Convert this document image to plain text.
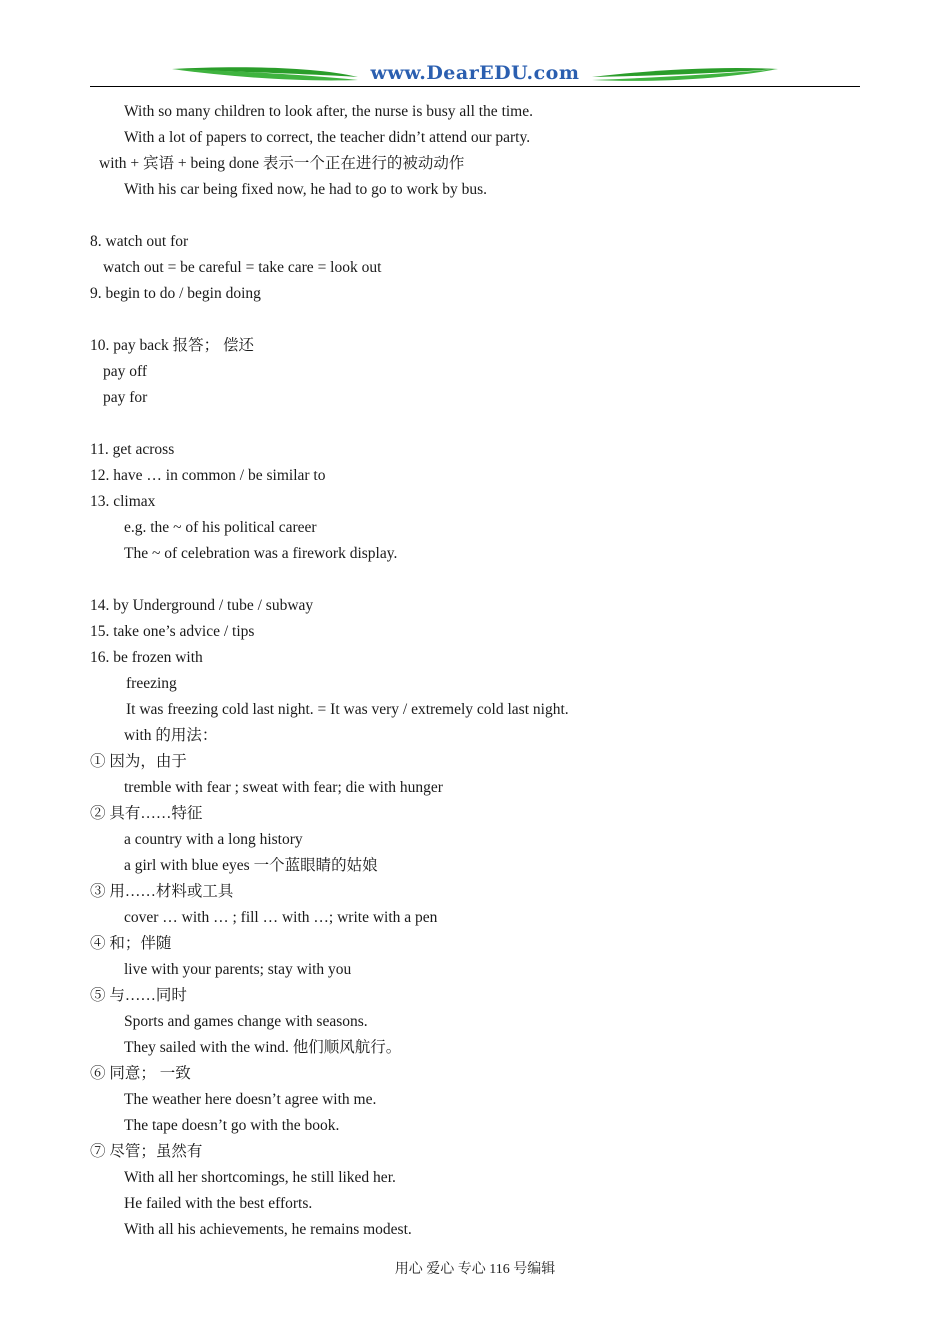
www.DearEDU.com
With so many children to look after, the nurse is busy all the time.
With a lot of papers to correct, the teacher didn’t attend our party.
with + 宾语 + being done 表示一个正在进行的被动动作
With his car being fixed now, he had to go to work by bus.
8. watch out for
watch out = be careful = take care = look out
9. begin to do / begin doing
10. pay back 报答； 偿还
pay off
pay for
11. get across
12. have … in common / be similar to
13. climax
e.g. the ~ of his political career
The ~ of celebration was a firework display.
14. by Underground / tube / subway
15. take one’s advice / tips
16. be frozen with
freezing
It was freezing cold last night. = It was very / extremely cold last night.
with 的用法：
① 因为，由于
tremble with fear ; sweat with fear; die with hunger
② 具有……特征
a country with a long history
a girl with blue eyes 一个蓝眼睛的姑娘
③ 用……材料或工具
cover … with … ; fill … with …; write with a pen
④ 和；伴随
live with your parents; stay with you
⑤ 与……同时
Sports and games change with seasons.
They sailed with the wind. 他们顺风航行。
⑥ 同意； 一致
The weather here doesn’t agree with me.
The tape doesn’t go with the book.
⑦ 尽管；虽然有
With all her shortcomings, he still liked her.
He failed with the best efforts.
With all his achievements, he remains modest.
用心 爱心 专心 116 号编辑
